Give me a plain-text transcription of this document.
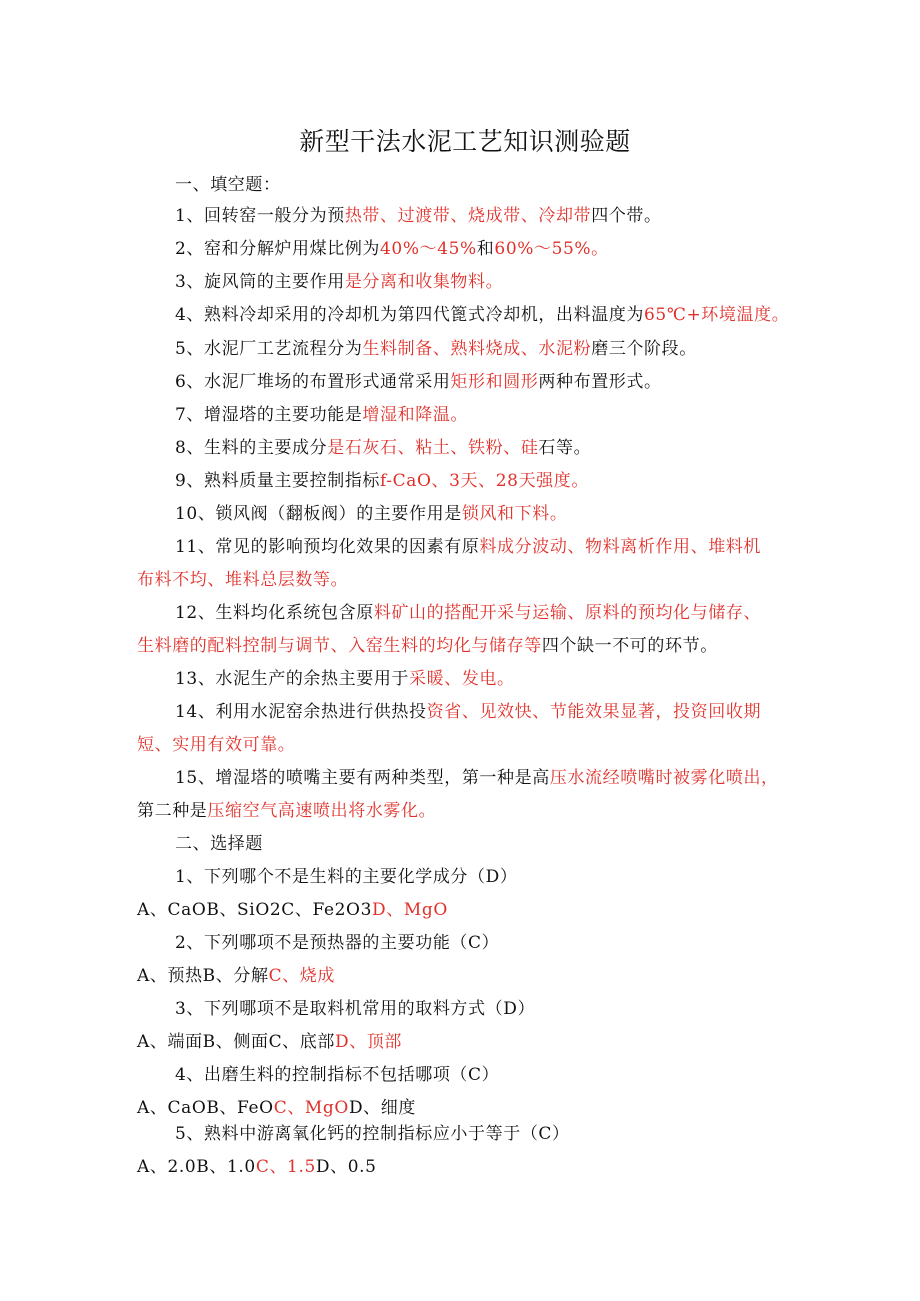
新型干法水泥工艺知识测验题
一、填空题：
1、回转窑一般分为预热带、过渡带、烧成带、冷却带四个带。
2、窑和分解炉用煤比例为40%～45%和60%～55%。
3、旋风筒的主要作用是分离和收集物料。
4、熟料冷却采用的冷却机为第四代篦式冷却机，出料温度为65℃+环境温度。
5、水泥厂工艺流程分为生料制备、熟料烧成、水泥粉磨三个阶段。
6、水泥厂堆场的布置形式通常采用矩形和圆形两种布置形式。
7、增湿塔的主要功能是增湿和降温。
8、生料的主要成分是石灰石、粘土、铁粉、硅石等。
9、熟料质量主要控制指标f-CaO、3天、28天强度。
10、锁风阀（翻板阀）的主要作用是锁风和下料。
11、常见的影响预均化效果的因素有原料成分波动、物料离析作用、堆料机
布料不均、堆料总层数等。
12、生料均化系统包含原料矿山的搭配开采与运输、原料的预均化与储存、
生料磨的配料控制与调节、入窑生料的均化与储存等四个缺一不可的环节。
13、水泥生产的余热主要用于采暖、发电。
14、利用水泥窑余热进行供热投资省、见效快、节能效果显著，投资回收期
短、实用有效可靠。
15、增湿塔的喷嘴主要有两种类型，第一种是高压水流经喷嘴时被雾化喷出，
第二种是压缩空气高速喷出将水雾化。
二、选择题
1、下列哪个不是生料的主要化学成分（D）
A、CaOB、SiO2C、Fe2O3D、MgO
2、下列哪项不是预热器的主要功能（C）
A、预热B、分解C、烧成
3、下列哪项不是取料机常用的取料方式（D）
A、端面B、侧面C、底部D、顶部
4、出磨生料的控制指标不包括哪项（C）
A、CaOB、FeOC、MgOD、细度
5、熟料中游离氧化钙的控制指标应小于等于（C）
A、2.0B、1.0C、1.5D、0.5
